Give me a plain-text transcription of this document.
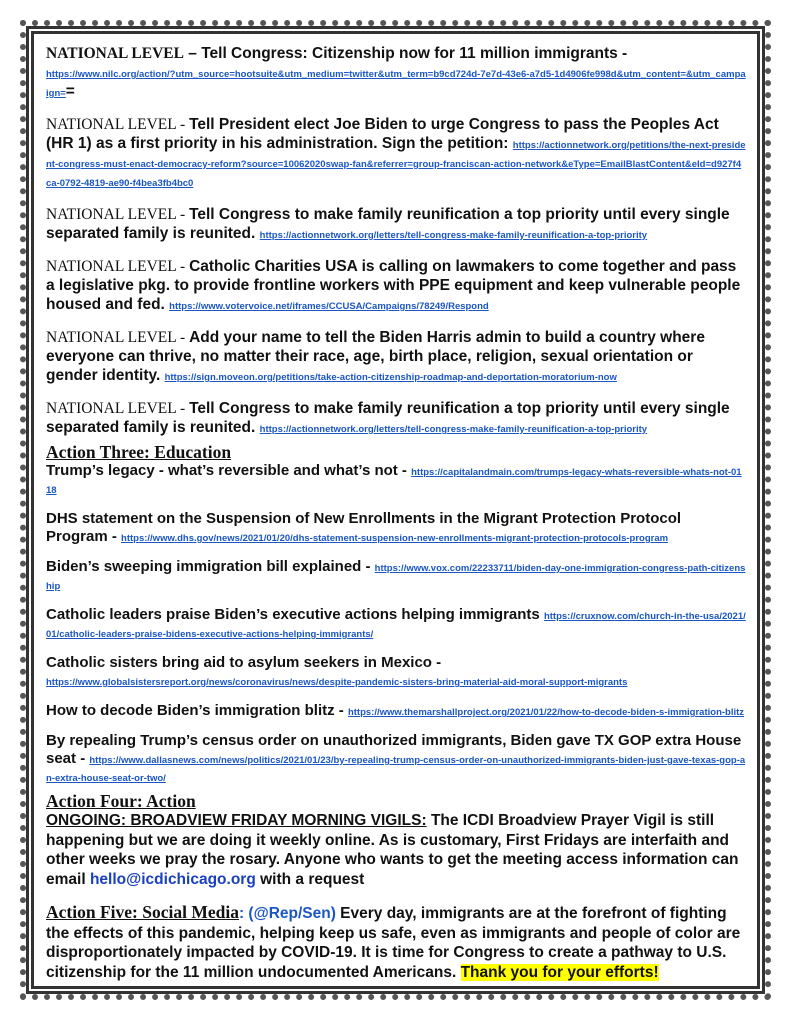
NATIONAL LEVEL – Tell Congress: Citizenship now for 11 million immigrants -
https://www.nilc.org/action/?utm_source=hootsuite&utm_medium=twitter&utm_term=b9cd724d-7e7d-43e6-a7d5-1d4906fe998d&utm_content=&utm_campaign==
NATIONAL LEVEL - Tell President elect Joe Biden to urge Congress to pass the Peoples Act (HR 1) as a first priority in his administration. Sign the petition: https://actionnetwork.org/petitions/the-next-president-congress-must-enact-democracy-reform?source=10062020swap-fan&referrer=group-franciscan-action-network&eType=EmailBlastContent&eId=d927f4ca-0792-4819-ae90-f4bea3fb4bc0
NATIONAL LEVEL - Tell Congress to make family reunification a top priority until every single separated family is reunited. https://actionnetwork.org/letters/tell-congress-make-family-reunification-a-top-priority
NATIONAL LEVEL - Catholic Charities USA is calling on lawmakers to come together and pass a legislative pkg. to provide frontline workers with PPE equipment and keep vulnerable people housed and fed. https://www.votervoice.net/iframes/CCUSA/Campaigns/78249/Respond
NATIONAL LEVEL - Add your name to tell the Biden Harris admin to build a country where everyone can thrive, no matter their race, age, birth place, religion, sexual orientation or gender identity. https://sign.moveon.org/petitions/take-action-citizenship-roadmap-and-deportation-moratorium-now
NATIONAL LEVEL - Tell Congress to make family reunification a top priority until every single separated family is reunited. https://actionnetwork.org/letters/tell-congress-make-family-reunification-a-top-priority
Action Three: Education
Trump’s legacy - what’s reversible and what’s not - https://capitalandmain.com/trumps-legacy-whats-reversible-whats-not-0118
DHS statement on the Suspension of New Enrollments in the Migrant Protection Protocol Program - https://www.dhs.gov/news/2021/01/20/dhs-statement-suspension-new-enrollments-migrant-protection-protocols-program
Biden’s sweeping immigration bill explained - https://www.vox.com/22233711/biden-day-one-immigration-congress-path-citizenship
Catholic leaders praise Biden’s executive actions helping immigrants https://cruxnow.com/church-in-the-usa/2021/01/catholic-leaders-praise-bidens-executive-actions-helping-immigrants/
Catholic sisters bring aid to asylum seekers in Mexico -
https://www.globalsistersreport.org/news/coronavirus/news/despite-pandemic-sisters-bring-material-aid-moral-support-migrants
How to decode Biden’s immigration blitz - https://www.themarshallproject.org/2021/01/22/how-to-decode-biden-s-immigration-blitz
By repealing Trump’s census order on unauthorized immigrants, Biden gave TX GOP extra House seat - https://www.dallasnews.com/news/politics/2021/01/23/by-repealing-trump-census-order-on-unauthorized-immigrants-biden-just-gave-texas-gop-an-extra-house-seat-or-two/
Action Four: Action
ONGOING: BROADVIEW FRIDAY MORNING VIGILS: The ICDI Broadview Prayer Vigil is still happening but we are doing it weekly online. As is customary, First Fridays are interfaith and other weeks we pray the rosary. Anyone who wants to get the meeting access information can email hello@icdichicago.org with a request
Action Five: Social Media: (@Rep/Sen) Every day, immigrants are at the forefront of fighting the effects of this pandemic, helping keep us safe, even as immigrants and people of color are disproportionately impacted by COVID-19. It is time for Congress to create a pathway to U.S. citizenship for the 11 million undocumented Americans. Thank you for your efforts!
